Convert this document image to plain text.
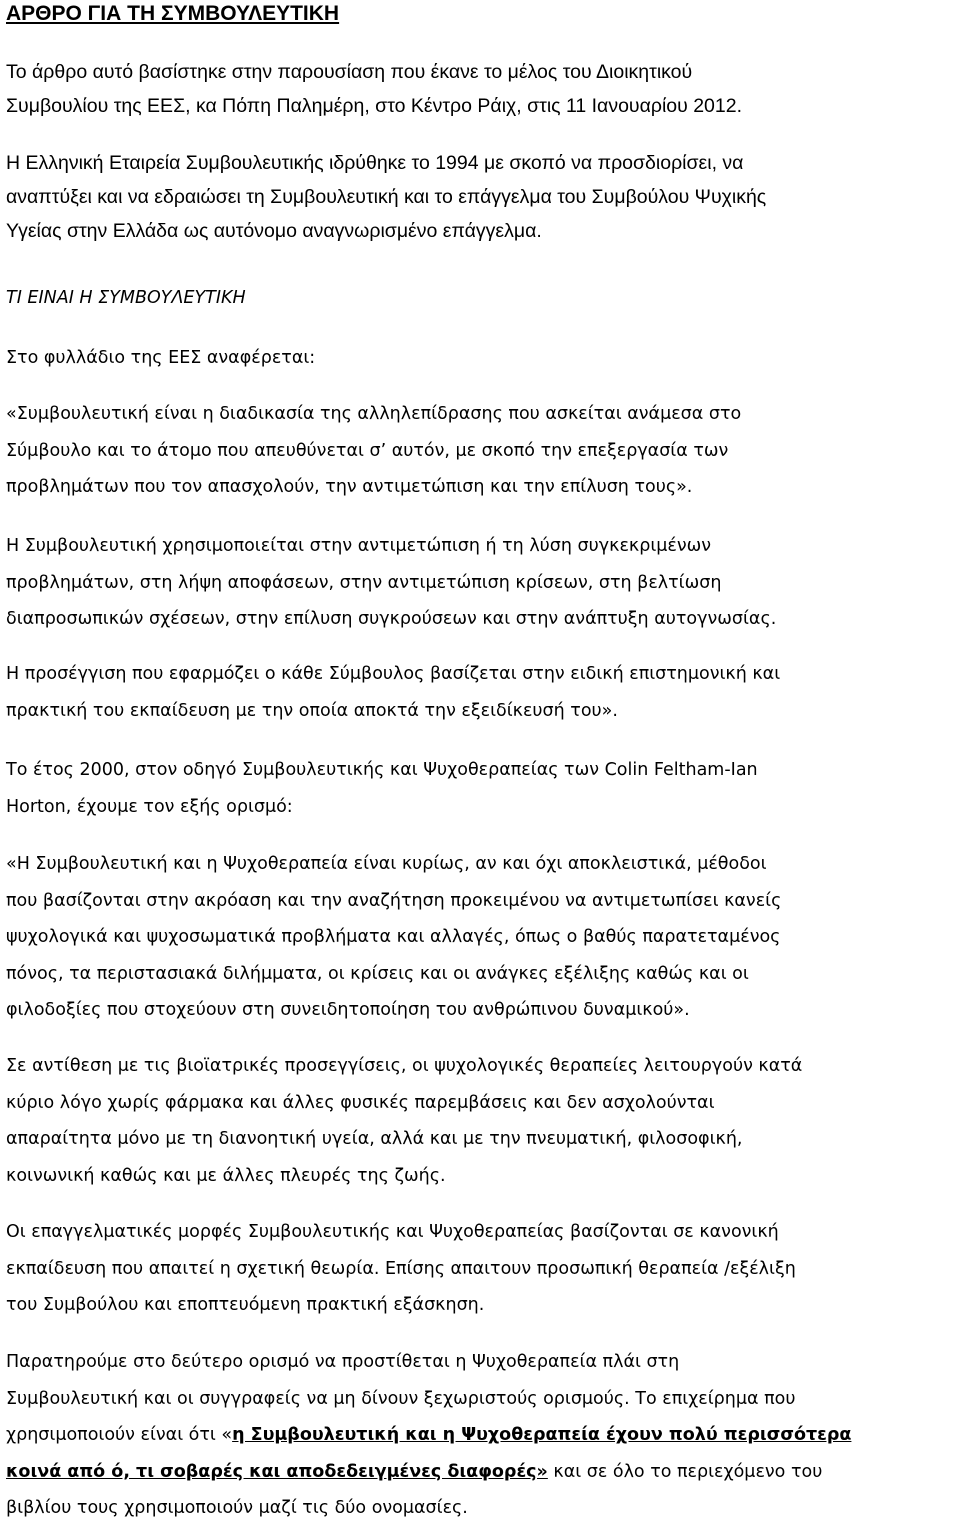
ΑΡΘΡΟ ΓΙΑ ΤΗ ΣΥΜΒΟΥΛΕΥΤΙΚΗ
Το άρθρο αυτό βασίστηκε στην παρουσίαση που έκανε το μέλος του Διοικητικού
Συμβουλίου της ΕΕΣ, κα Πόπη Παλημέρη, στο Κέντρο Ράιχ, στις 11 Ιανουαρίου 2012.
Η Ελληνική Εταιρεία Συμβουλευτικής ιδρύθηκε το 1994 με σκοπό να προσδιορίσει, να
αναπτύξει και να εδραιώσει τη Συμβουλευτική και το επάγγελμα του Συμβούλου Ψυχικής
Υγείας στην Ελλάδα ως αυτόνομο αναγνωρισμένο επάγγελμα.
ΤΙ ΕΙΝΑΙ Η ΣΥΜΒΟΥΛΕΥΤΙΚΗ
Στο φυλλάδιο της ΕΕΣ αναφέρεται:
«Συμβουλευτική είναι η διαδικασία της αλληλεπίδρασης που ασκείται ανάμεσα στο
Σύμβουλο και το άτομο που απευθύνεται σ’ αυτόν, με σκοπό την επεξεργασία των
προβλημάτων που τον απασχολούν, την αντιμετώπιση και την επίλυση τους».
Η Συμβουλευτική χρησιμοποιείται στην αντιμετώπιση ή τη λύση συγκεκριμένων
προβλημάτων, στη λήψη αποφάσεων, στην αντιμετώπιση κρίσεων, στη βελτίωση
διαπροσωπικών σχέσεων, στην επίλυση συγκρούσεων και στην ανάπτυξη αυτογνωσίας.
Η προσέγγιση που εφαρμόζει ο κάθε Σύμβουλος βασίζεται στην ειδική επιστημονική και
πρακτική του εκπαίδευση με την οποία αποκτά την εξειδίκευσή του».
Το έτος 2000, στον οδηγό Συμβουλευτικής και Ψυχοθεραπείας των Colin Feltham-Ian
Horton, έχουμε τον εξής ορισμό:
«Η Συμβουλευτική και η Ψυχοθεραπεία είναι κυρίως, αν και όχι αποκλειστικά, μέθοδοι
που βασίζονται στην ακρόαση και την αναζήτηση προκειμένου να αντιμετωπίσει κανείς
ψυχολογικά και ψυχοσωματικά προβλήματα και αλλαγές, όπως ο βαθύς παρατεταμένος
πόνος, τα περιστασιακά διλήμματα, οι κρίσεις και οι ανάγκες εξέλιξης καθώς και οι
φιλοδοξίες που στοχεύουν στη συνειδητοποίηση του ανθρώπινου δυναμικού».
Σε αντίθεση με τις βιοϊατρικές προσεγγίσεις, οι ψυχολογικές θεραπείες λειτουργούν κατά
κύριο λόγο χωρίς φάρμακα και άλλες φυσικές παρεμβάσεις και δεν ασχολούνται
απαραίτητα μόνο με τη διανοητική υγεία, αλλά και με την πνευματική, φιλοσοφική,
κοινωνική καθώς και με άλλες πλευρές της ζωής.
Οι επαγγελματικές μορφές Συμβουλευτικής και Ψυχοθεραπείας βασίζονται σε κανονική
εκπαίδευση που απαιτεί η σχετική θεωρία. Επίσης απαιτουν προσωπική θεραπεία /εξέλιξη
του Συμβούλου και εποπτευόμενη πρακτική εξάσκηση.
Παρατηρούμε στο δεύτερο ορισμό να προστίθεται η Ψυχοθεραπεία πλάι στη
Συμβουλευτική και οι συγγραφείς να μη δίνουν ξεχωριστούς ορισμούς. Το επιχείρημα που
χρησιμοποιούν είναι ότι «η Συμβουλευτική και η Ψυχοθεραπεία έχουν πολύ περισσότερα
κοινά από ό, τι σοβαρές και αποδεδειγμένες διαφορές» και σε όλο το περιεχόμενο του
βιβλίου τους χρησιμοποιούν μαζί τις δύο ονομασίες.
